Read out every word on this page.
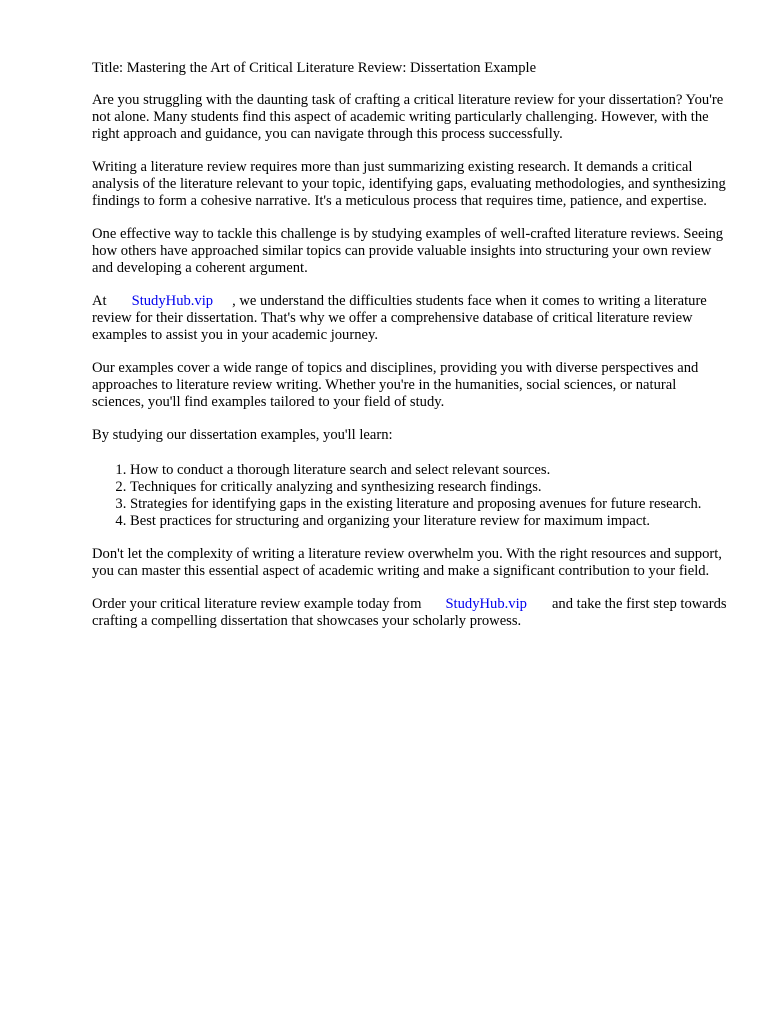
Title: Mastering the Art of Critical Literature Review: Dissertation Example

Are you struggling with the daunting task of crafting a critical literature review for your dissertation? You're not alone. Many students find this aspect of academic writing particularly challenging. However, with the right approach and guidance, you can navigate through this process successfully.

Writing a literature review requires more than just summarizing existing research. It demands a critical analysis of the literature relevant to your topic, identifying gaps, evaluating methodologies, and synthesizing findings to form a cohesive narrative. It's a meticulous process that requires time, patience, and expertise.

One effective way to tackle this challenge is by studying examples of well-crafted literature reviews. Seeing how others have approached similar topics can provide valuable insights into structuring your own review and developing a coherent argument.

At StudyHub.vip , we understand the difficulties students face when it comes to writing a literature review for their dissertation. That's why we offer a comprehensive database of critical literature review examples to assist you in your academic journey.

Our examples cover a wide range of topics and disciplines, providing you with diverse perspectives and approaches to literature review writing. Whether you're in the humanities, social sciences, or natural sciences, you'll find examples tailored to your field of study.

By studying our dissertation examples, you'll learn:

1. How to conduct a thorough literature search and select relevant sources.
2. Techniques for critically analyzing and synthesizing research findings.
3. Strategies for identifying gaps in the existing literature and proposing avenues for future research.
4. Best practices for structuring and organizing your literature review for maximum impact.

Don't let the complexity of writing a literature review overwhelm you. With the right resources and support, you can master this essential aspect of academic writing and make a significant contribution to your field.

Order your critical literature review example today from StudyHub.vip and take the first step towards crafting a compelling dissertation that showcases your scholarly prowess.
